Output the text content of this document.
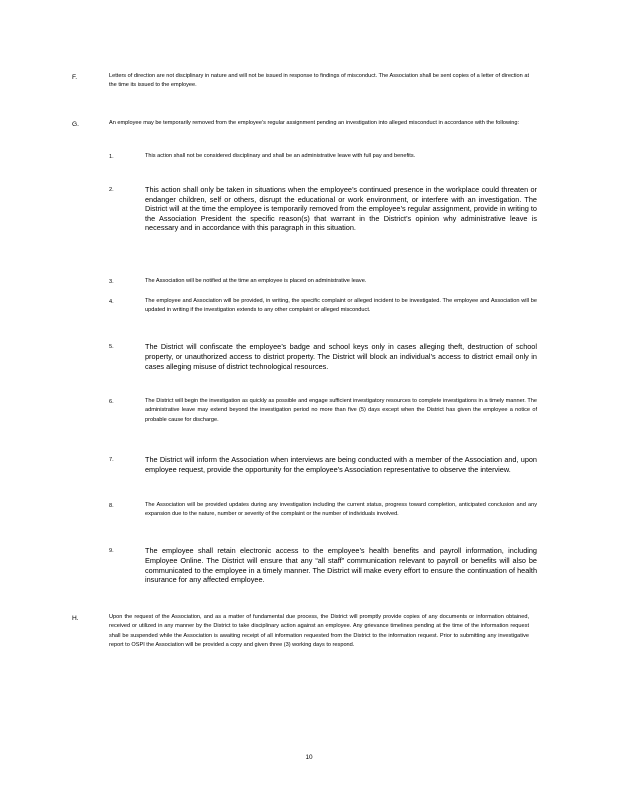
F.	Letters of direction are not disciplinary in nature and will not be issued in response to findings of misconduct. The Association shall be sent copies of a letter of direction at the time its issued to the employee.
G.	An employee may be temporarily removed from the employee’s regular assignment pending an investigation into alleged misconduct in accordance with the following:
1.	This action shall not be considered disciplinary and shall be an administrative leave with full pay and benefits.
2.	This action shall only be taken in situations when the employee’s continued presence in the workplace could threaten or endanger children, self or others, disrupt the educational or work environment, or interfere with an investigation. The District will at the time the employee is temporarily removed from the employee’s regular assignment, provide in writing to the Association President the specific reason(s) that warrant in the District’s opinion why administrative leave is necessary and in accordance with this paragraph in this situation.
3.	The Association will be notified at the time an employee is placed on administrative leave.
4.	The employee and Association will be provided, in writing, the specific complaint or alleged incident to be investigated. The employee and Association will be updated in writing if the investigation extends to any other complaint or alleged misconduct.
5.	The District will confiscate the employee’s badge and school keys only in cases alleging theft, destruction of school property, or unauthorized access to district property. The District will block an individual’s access to district email only in cases alleging misuse of district technological resources.
6.	The District will begin the investigation as quickly as possible and engage sufficient investigatory resources to complete investigations in a timely manner. The administrative leave may extend beyond the investigation period no more than five (5) days except when the District has given the employee a notice of probable cause for discharge.
7.	The District will inform the Association when interviews are being conducted with a member of the Association and, upon employee request, provide the opportunity for the employee’s Association representative to observe the interview.
8.	The Association will be provided updates during any investigation including the current status, progress toward completion, anticipated conclusion and any expansion due to the nature, number or severity of the complaint or the number of individuals involved.
9.	The employee shall retain electronic access to the employee’s health benefits and payroll information, including Employee Online. The District will ensure that any “all staff” communication relevant to payroll or benefits will also be communicated to the employee in a timely manner. The District will make every effort to ensure the continuation of health insurance for any affected employee.
H.	Upon the request of the Association, and as a matter of fundamental due process, the District will promptly provide copies of any documents or information obtained, received or utilized in any manner by the District to take disciplinary action against an employee. Any grievance timelines pending at the time of the information request shall be suspended while the Association is awaiting receipt of all information requested from the District to the information request. Prior to submitting any investigative report to OSPI the Association will be provided a copy and given three (3) working days to respond.
10
